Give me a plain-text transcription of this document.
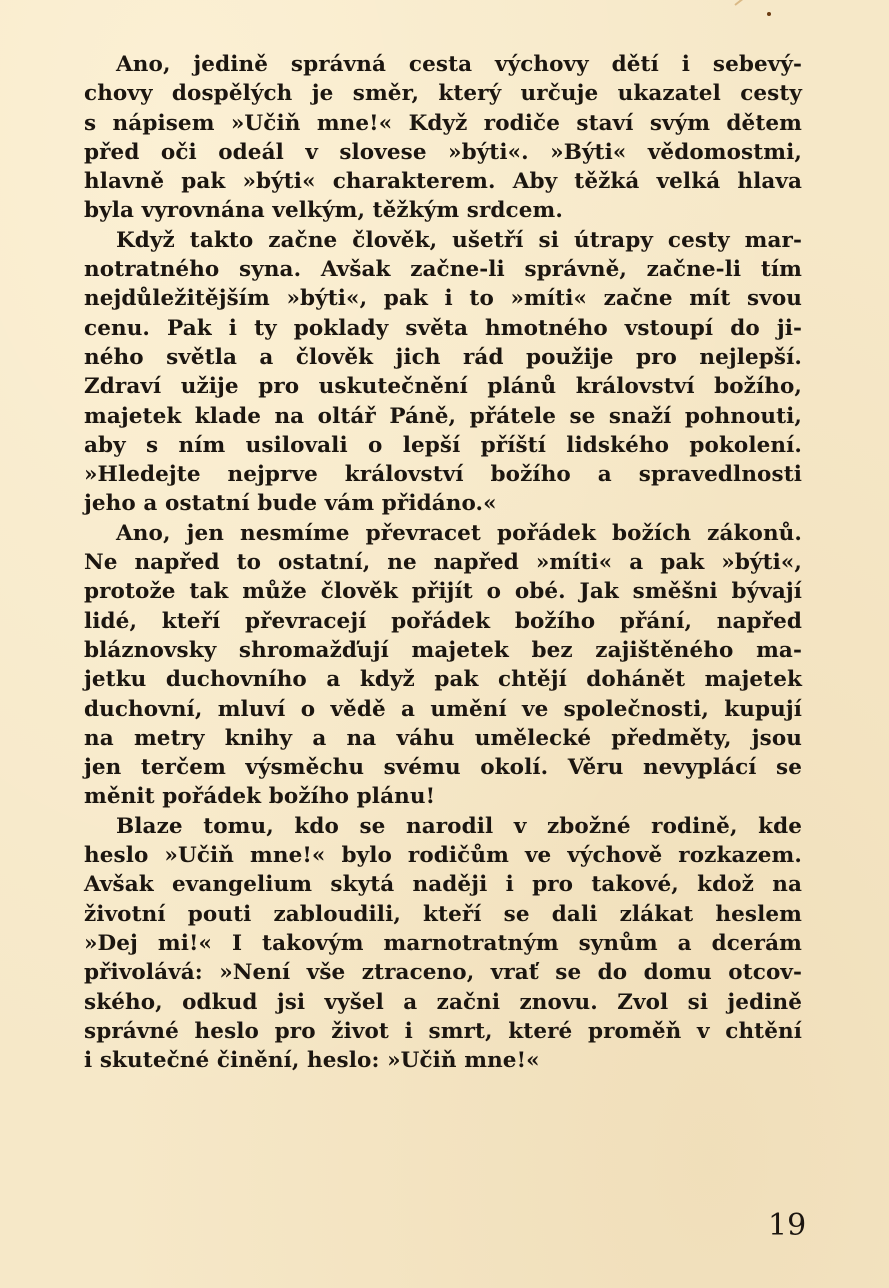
Ano, jedině správná cesta výchovy dětí i sebevý-
chovy dospělých je směr, který určuje ukazatel cesty
s nápisem »Učiň mne!« Když rodiče staví svým dětem
před oči odeál v slovese »býti«. »Býti« vědomostmi,
hlavně pak »býti« charakterem. Aby těžká velká hlava
byla vyrovnána velkým, těžkým srdcem.
Když takto začne člověk, ušetří si útrapy cesty mar-
notratného syna. Avšak začne-li správně, začne-li tím
nejdůležitějším »býti«, pak i to »míti« začne mít svou
cenu. Pak i ty poklady světa hmotného vstoupí do ji-
ného světla a člověk jich rád použije pro nejlepší.
Zdraví užije pro uskutečnění plánů království božího,
majetek klade na oltář Páně, přátele se snaží pohnouti,
aby s ním usilovali o lepší příští lidského pokolení.
»Hledejte nejprve království božího a spravedlnosti
jeho a ostatní bude vám přidáno.«
Ano, jen nesmíme převracet pořádek božích zákonů.
Ne napřed to ostatní, ne napřed »míti« a pak »býti«,
protože tak může člověk přijít o obé. Jak směšni bývají
lidé, kteří převracejí pořádek božího přání, napřed
bláznovsky shromažďují majetek bez zajištěného ma-
jetku duchovního a když pak chtějí dohánět majetek
duchovní, mluví o vědě a umění ve společnosti, kupují
na metry knihy a na váhu umělecké předměty, jsou
jen terčem výsměchu svému okolí. Věru nevyplácí se
měnit pořádek božího plánu!
Blaze tomu, kdo se narodil v zbožné rodině, kde
heslo »Učiň mne!« bylo rodičům ve výchově rozkazem.
Avšak evangelium skytá naději i pro takové, kdož na
životní pouti zabloudili, kteří se dali zlákat heslem
»Dej mi!« I takovým marnotratným synům a dcerám
přivolává: »Není vše ztraceno, vrať se do domu otcov-
ského, odkud jsi vyšel a začni znovu. Zvol si jedině
správné heslo pro život i smrt, které proměň v chtění
i skutečné činění, heslo: »Učiň mne!«
19
